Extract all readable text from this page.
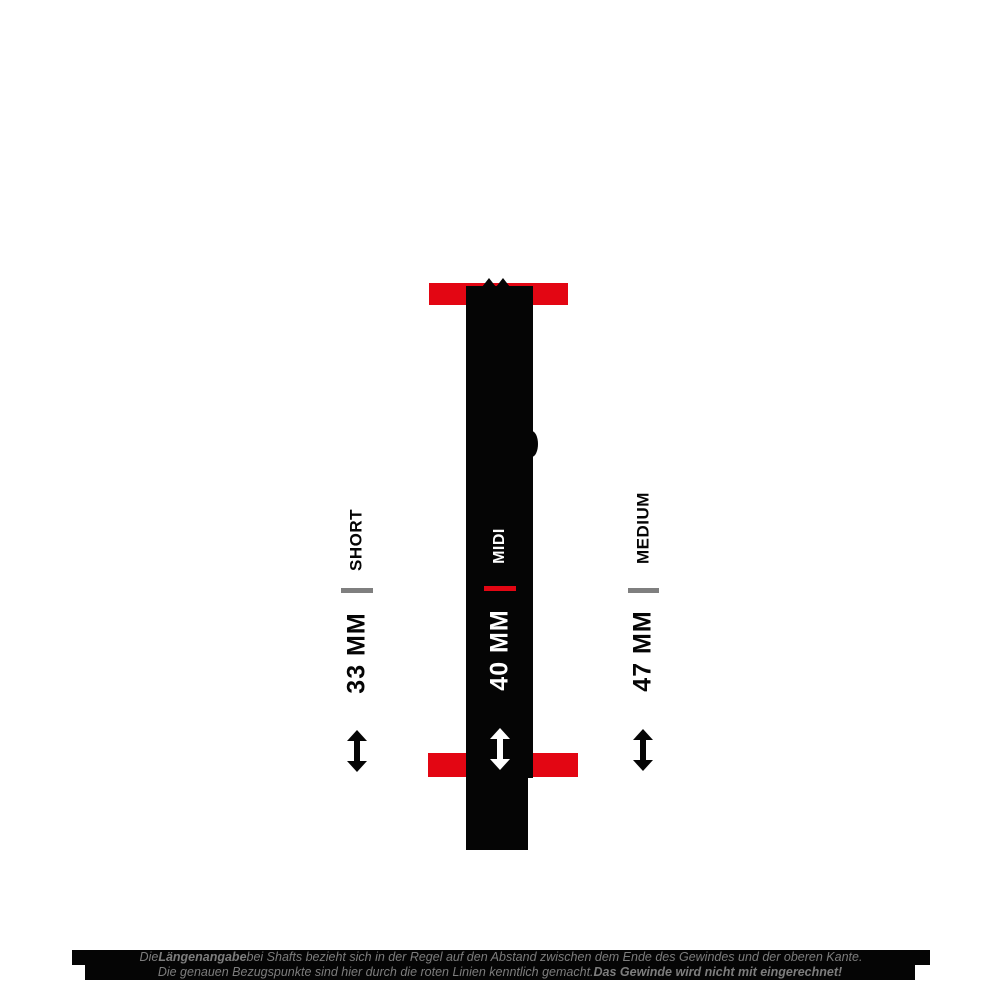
SHORT
33 MM
MIDI
40 MM
MEDIUM
47 MM
Die Längenangabe bei Shafts bezieht sich in der Regel auf den Abstand zwischen dem Ende des Gewindes und der oberen Kante.
Die genauen Bezugspunkte sind hier durch die roten Linien kenntlich gemacht. Das Gewinde wird nicht mit eingerechnet!
